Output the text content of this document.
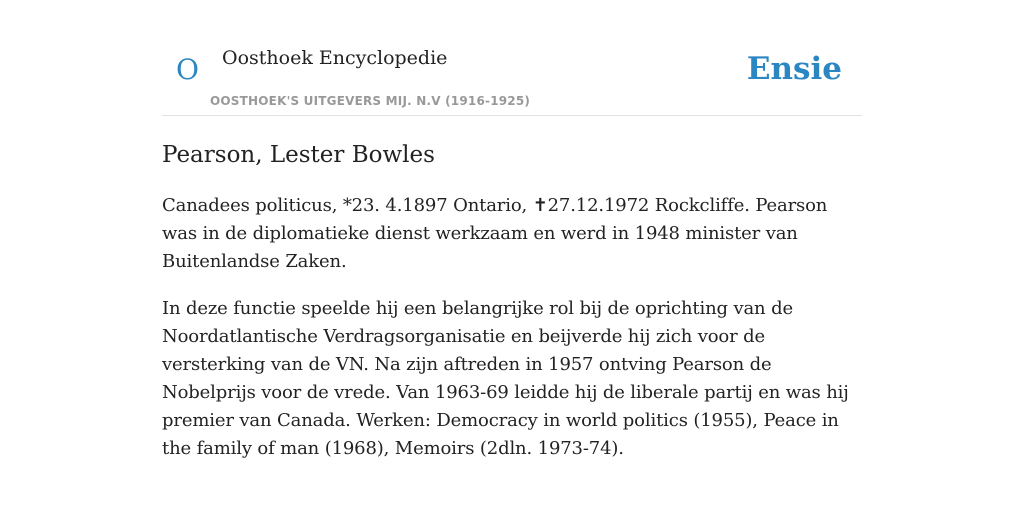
O Oosthoek Encyclopedie
OOSTHOEK'S UITGEVERS MIJ. N.V (1916-1925)
Ensie
Pearson, Lester Bowles

Canadees politicus, *23. 4.1897 Ontario, ✝27.12.1972 Rockcliffe. Pearson was in de diplomatieke dienst werkzaam en werd in 1948 minister van Buitenlandse Zaken.

In deze functie speelde hij een belangrijke rol bij de oprichting van de Noordatlantische Verdragsorganisatie en beijverde hij zich voor de versterking van de VN. Na zijn aftreden in 1957 ontving Pearson de Nobelprijs voor de vrede. Van 1963-69 leidde hij de liberale partij en was hij premier van Canada. Werken: Democracy in world politics (1955), Peace in the family of man (1968), Memoirs (2dln. 1973-74).
